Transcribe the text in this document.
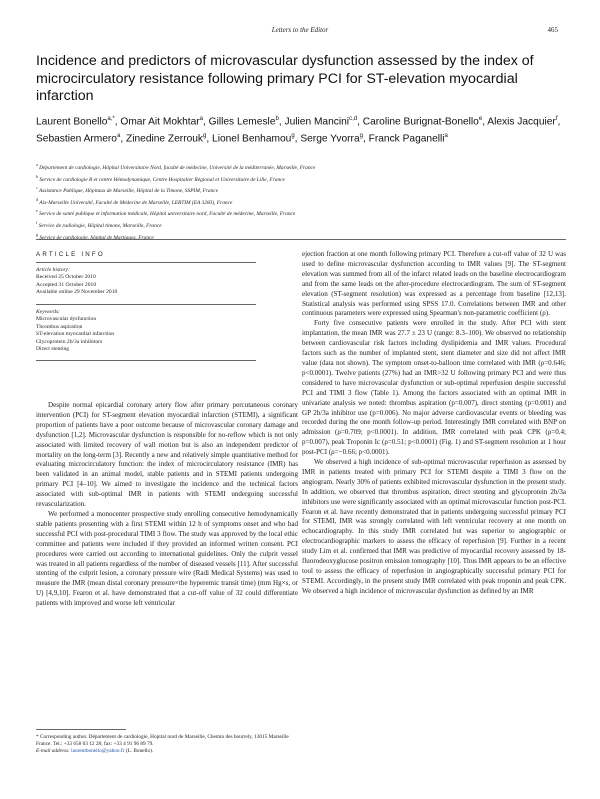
Letters to the Editor	465
Incidence and predictors of microvascular dysfunction assessed by the index of microcirculatory resistance following primary PCI for ST-elevation myocardial infarction
Laurent Bonello$^{a,*}$, Omar Ait Mokhtar$^a$, Gilles Lemesle$^b$, Julien Mancini$^{c,d}$, Caroline Burignat-Bonello$^e$, Alexis Jacquier$^f$, Sebastien Armero$^a$, Zinedine Zerrouk$^g$, Lionel Benhamou$^g$, Serge Yvorra$^g$, Franck Paganelli$^a$
$^a$ Département de cardiologie, Hôpital Universitaire Nord, faculté de médecine, Université de la méditerranée, Marseille, France
$^b$ Service de cardiologie B et centre Hémodynamique, Centre Hospitalier Régional et Universitaire de Lille, France
$^c$ Assistance Publique, Hôpitaux de Marseille, Hôpital de la Timone, SSPIM, France
$^d$ Aix-Marseille Université, Faculté de Médecine de Marseille, LERTIM (EA 3283), France
$^e$ Service de santé publique et information médicale, Hôpital universitaire nord, Faculté de médecine, Marseille, France
$^f$ Service de radiologie, Hôpital timone, Marseille, France
$^g$ Service de cardiologie, hôpital de Martigues, France
ARTICLE INFO
Article history:
Received 25 October 2010
Accepted 31 October 2010
Available online 29 November 2010
Keywords:
Microvascular dysfunction
Thrombus aspiration
ST-elevation myocardial infarction
Glycoprotein 2b/3a inhibitors
Direct stenting

Despite normal epicardial coronary artery flow after primary percutaneous coronary intervention (PCI) for ST-segment elevation myocardial infarction (STEMI), a significant proportion of patients have a poor outcome because of microvascular coronary damage and dysfunction [1,2]. Microvascular dysfunction is responsible for no-reflow which is not only associated with limited recovery of wall motion but is also an independent predictor of mortality on the long-term [3]. Recently a new and relatively simple quantitative method for evaluating microcirculatory function: the index of microcirculatory resistance (IMR) has been validated in an animal model, stable patients and in STEMI patients undergoing primary PCI [4–10]. We aimed to investigate the incidence and the technical factors associated with sub-optimal IMR in patients with STEMI undergoing successful revascularization.

We performed a monocenter prospective study enrolling consecutive hemodynamically stable patients presenting with a first STEMI within 12 h of symptoms onset and who had successful PCI with post-procedural TIMI 3 flow. The study was approved by the local ethic committee and patients were included if they provided an informed written consent. PCI procedures were carried out according to international guidelines. Only the culprit vessel was treated in all patients regardless of the number of diseased vessels [11]. After successful stenting of the culprit lesion, a coronary pressure wire (Radi Medical Systems) was used to measure the IMR (mean distal coronary pressure×the hyperemic transit time) (mm Hg×s, or U) [4,9,10]. Fearon et al. have demonstrated that a cut-off value of 32 could differentiate patients with improved and worse left ventricular

ejection fraction at one month following primary PCI. Therefore a cut-off value of 32 U was used to define microvascular dysfunction according to IMR values [9]. The ST-segment elevation was summed from all of the infarct related leads on the baseline electrocardiogram and from the same leads on the after-procedure electrocardiogram. The sum of ST-segment elevation (ST-segment resolution) was expressed as a percentage from baseline [12,13]. Statistical analysis was performed using SPSS 17.0. Correlations between IMR and other continuous parameters were expressed using Spearman's non-parametric coefficient (ρ).

Forty five consecutive patients were enrolled in the study. After PCI with stent implantation, the mean IMR was 27.7 ± 23 U (range: 8.3–100). We observed no relationship between cardiovascular risk factors including dyslipidemia and IMR values. Procedural factors such as the number of implanted stent, stent diameter and size did not affect IMR value (data not shown). The symptom onset-to-balloon time correlated with IMR (ρ=0.646; p<0.0001). Twelve patients (27%) had an IMR>32 U following primary PCI and were thus considered to have microvascular dysfunction or sub-optimal reperfusion despite successful PCI and TIMI 3 flow (Table 1). Among the factors associated with an optimal IMR in univariate analysis we noted: thrombus aspiration (p=0.007), direct stenting (p=0.001) and GP 2b/3a inhibitor use (p=0.006). No major adverse cardiovascular events or bleeding was recorded during the one month follow-up period. Interestingly IMR correlated with BNP on admission (ρ=0.709; p<0.0001). In addition, IMR correlated with peak CPK (ρ=0.4; p=0.007), peak Troponin Ic (ρ=0.51; p<0.0001) (Fig. 1) and ST-segment resolution at 1 hour post-PCI (ρ=−0.66; p<0.0001).

We observed a high incidence of sub-optimal microvascular reperfusion as assessed by IMR in patients treated with primary PCI for STEMI despite a TIMI 3 flow on the angiogram. Nearly 30% of patients exhibited microvascular dysfunction in the present study. In addition, we observed that thrombus aspiration, direct stenting and glycoprotein 2b/3a inhibitors use were significantly associated with an optimal microvascular function post-PCI. Fearon et al. have recently demonstrated that in patients undergoing successful primary PCI for STEMI, IMR was strongly correlated with left ventricular recovery at one month on echocardiography. In this study IMR correlated but was superior to angiographic or electrocardiographic markers to assess the efficacy of reperfusion [9]. Further in a recent study Lim et al. confirmed that IMR was predictive of myocardial recovery assessed by 18-fluorodeoxyglucose positron emission tomography [10]. Thus IMR appears to be an effective tool to assess the efficacy of reperfusion in angiographically successful primary PCI for STEMI. Accordingly, in the present study IMR correlated with peak troponin and peak CPK. We observed a high incidence of microvascular dysfunction as defined by an IMR

* Corresponding author. Département de cardiologie, Hopital nord de Marseille, Chemin des bourrely, 13015 Marseille France. Tel.: +33 658 03 12 28; fax: +33 4 91 96 89 79.
E-mail address: laurentbonello@yahoo.fr (L. Bonello).
